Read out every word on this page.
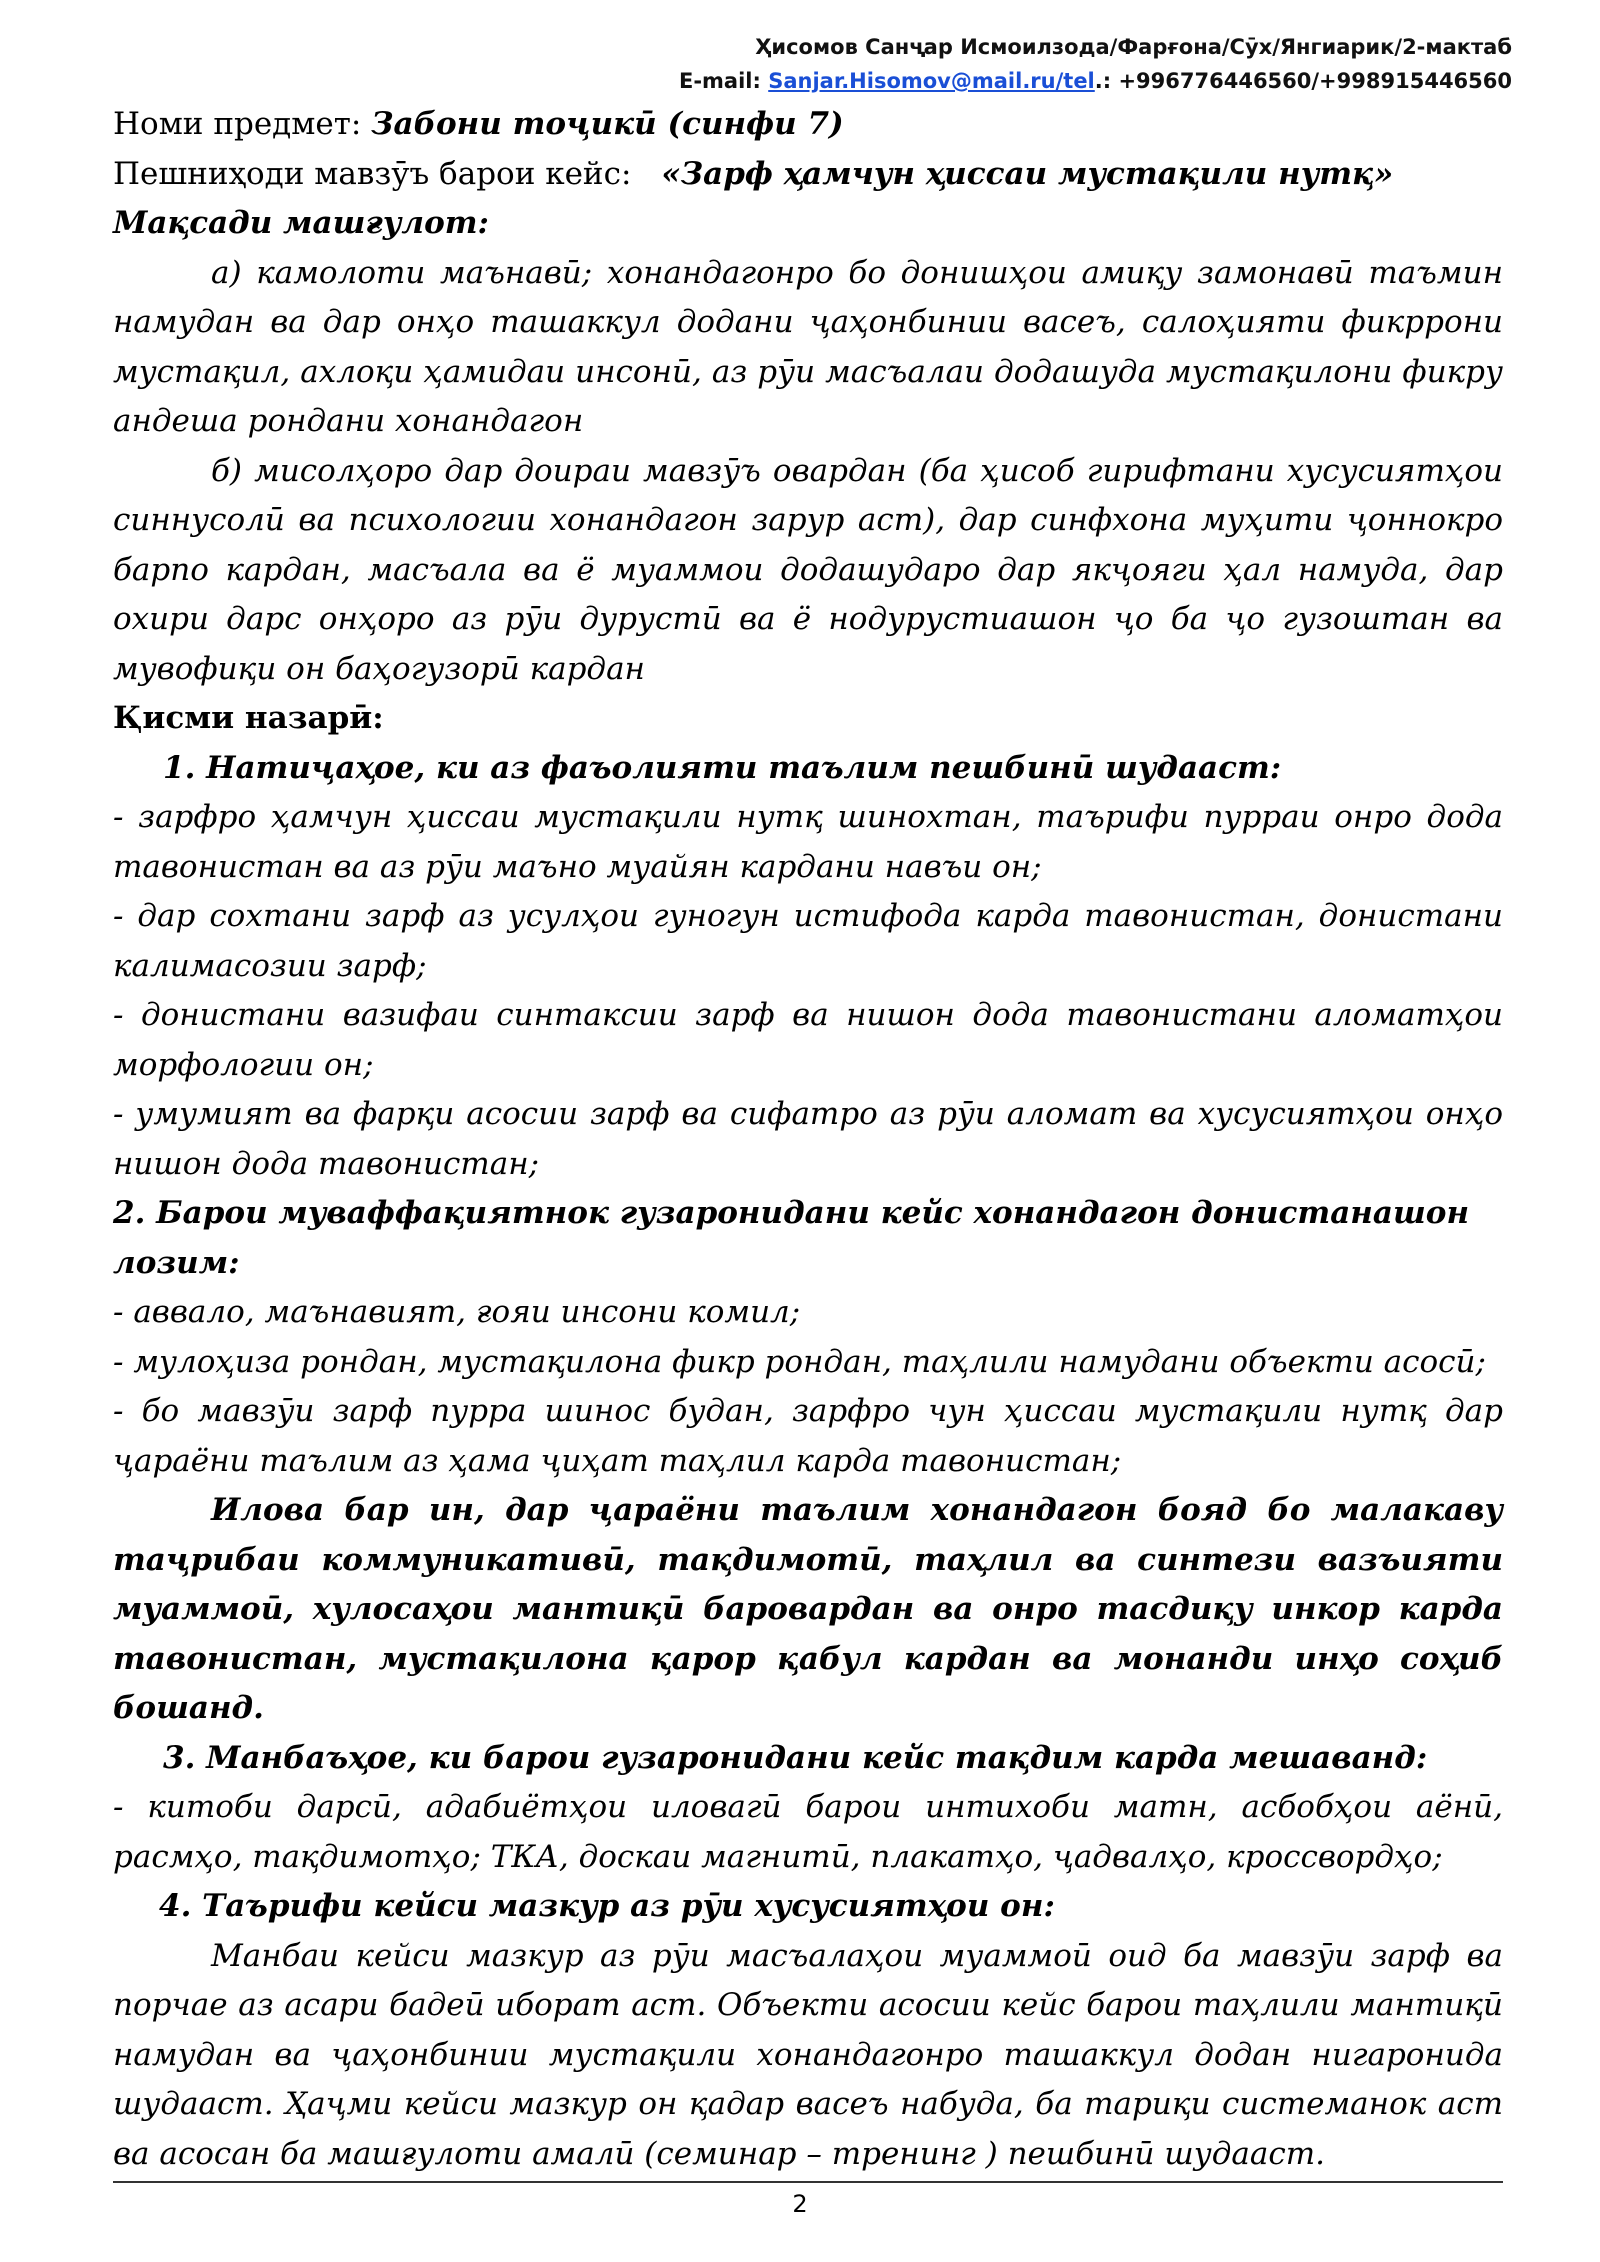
Ҳисомов Санҷар Исмоилзода/Фарғона/Сӯх/Янгиарик/2-мактаб
E-mail: Sanjar.Hisomov@mail.ru/tel.: +996776446560/+998915446560

Номи предмет: Забони тоҷикӣ (синфи 7)

Пешниҳоди мавзӯъ барои кейс: «Зарф ҳамчун ҳиссаи мустақили нутқ»

Мақсади машғулот:

а) камолоти маънавӣ; хонандагонро бо донишҳои амиқу замонавӣ таъмин намудан ва дар онҳо ташаккул додани ҷаҳонбинии васеъ, салоҳияти фикррони мустақил, ахлоқи ҳамидаи инсонӣ, аз рӯи масъалаи додашуда мустақилони фикру андеша рондани хонандагон

б) мисолҳоро дар доираи мавзӯъ овардан (ба ҳисоб гирифтани хусусиятҳои синнусолӣ ва психологии хонандагон зарур аст), дар синфхона муҳити ҷоннокро барпо кардан, масъала ва ё муаммои додашударо дар якҷояги ҳал намуда, дар охири дарс онҳоро аз рӯи дурустӣ ва ё нодурустиашон ҷо ба ҷо гузоштан ва мувофиқи он баҳогузорӣ кардан

Қисми назарӣ:

1. Натиҷаҳое, ки аз фаъолияти таълим пешбинӣ шудааст:

- зарфро ҳамчун ҳиссаи мустақили нутқ шинохтан, таърифи пурраи онро дода тавонистан ва аз рӯи маъно муайян кардани навъи он;

- дар сохтани зарф аз усулҳои гуногун истифода карда тавонистан, донистани калимасозии зарф;

- донистани вазифаи синтаксии зарф ва нишон дода тавонистани аломатҳои морфологии он;

- умумият ва фарқи асосии зарф ва сифатро аз рӯи аломат ва хусусиятҳои онҳо нишон дода тавонистан;

2. Барои муваффақиятнок гузаронидани кейс хонандагон донистанашон лозим:

- аввало, маънавият, ғояи инсони комил;

- мулоҳиза рондан, мустақилона фикр рондан, таҳлили намудани объекти асосӣ;

- бо мавзӯи зарф пурра шинос будан, зарфро чун ҳиссаи мустақили нутқ дар ҷараёни таълим аз ҳама ҷиҳат таҳлил карда тавонистан;

Илова бар ин, дар ҷараёни таълим хонандагон бояд бо малакаву таҷрибаи коммуникативӣ, тақдимотӣ, таҳлил ва синтези вазъияти муаммоӣ, хулосаҳои мантиқӣ баровардан ва онро тасдиқу инкор карда тавонистан, мустақилона қарор қабул кардан ва монанди инҳо соҳиб бошанд.

3. Манбаъҳое, ки барои гузаронидани кейс тақдим карда мешаванд:

- китоби дарсӣ, адабиётҳои иловагӣ барои интихоби матн, асбобҳои аёнӣ, расмҳо, тақдимотҳо; ТКА, доскаи магнитӣ, плакатҳо, ҷадвалҳо, кроссвордҳо;

4. Таърифи кейси мазкур аз рӯи хусусиятҳои он:

Манбаи кейси мазкур аз рӯи масъалаҳои муаммоӣ оид ба мавзӯи зарф ва порчае аз асари бадеӣ иборат аст. Объекти асосии кейс барои таҳлили мантиқӣ намудан ва ҷаҳонбинии мустақили хонандагонро ташаккул додан нигаронида шудааст. Ҳаҷми кейси мазкур он қадар васеъ набуда, ба тариқи системанок аст ва асосан ба машғулоти амалӣ (семинар – тренинг ) пешбинӣ шудааст.

2
